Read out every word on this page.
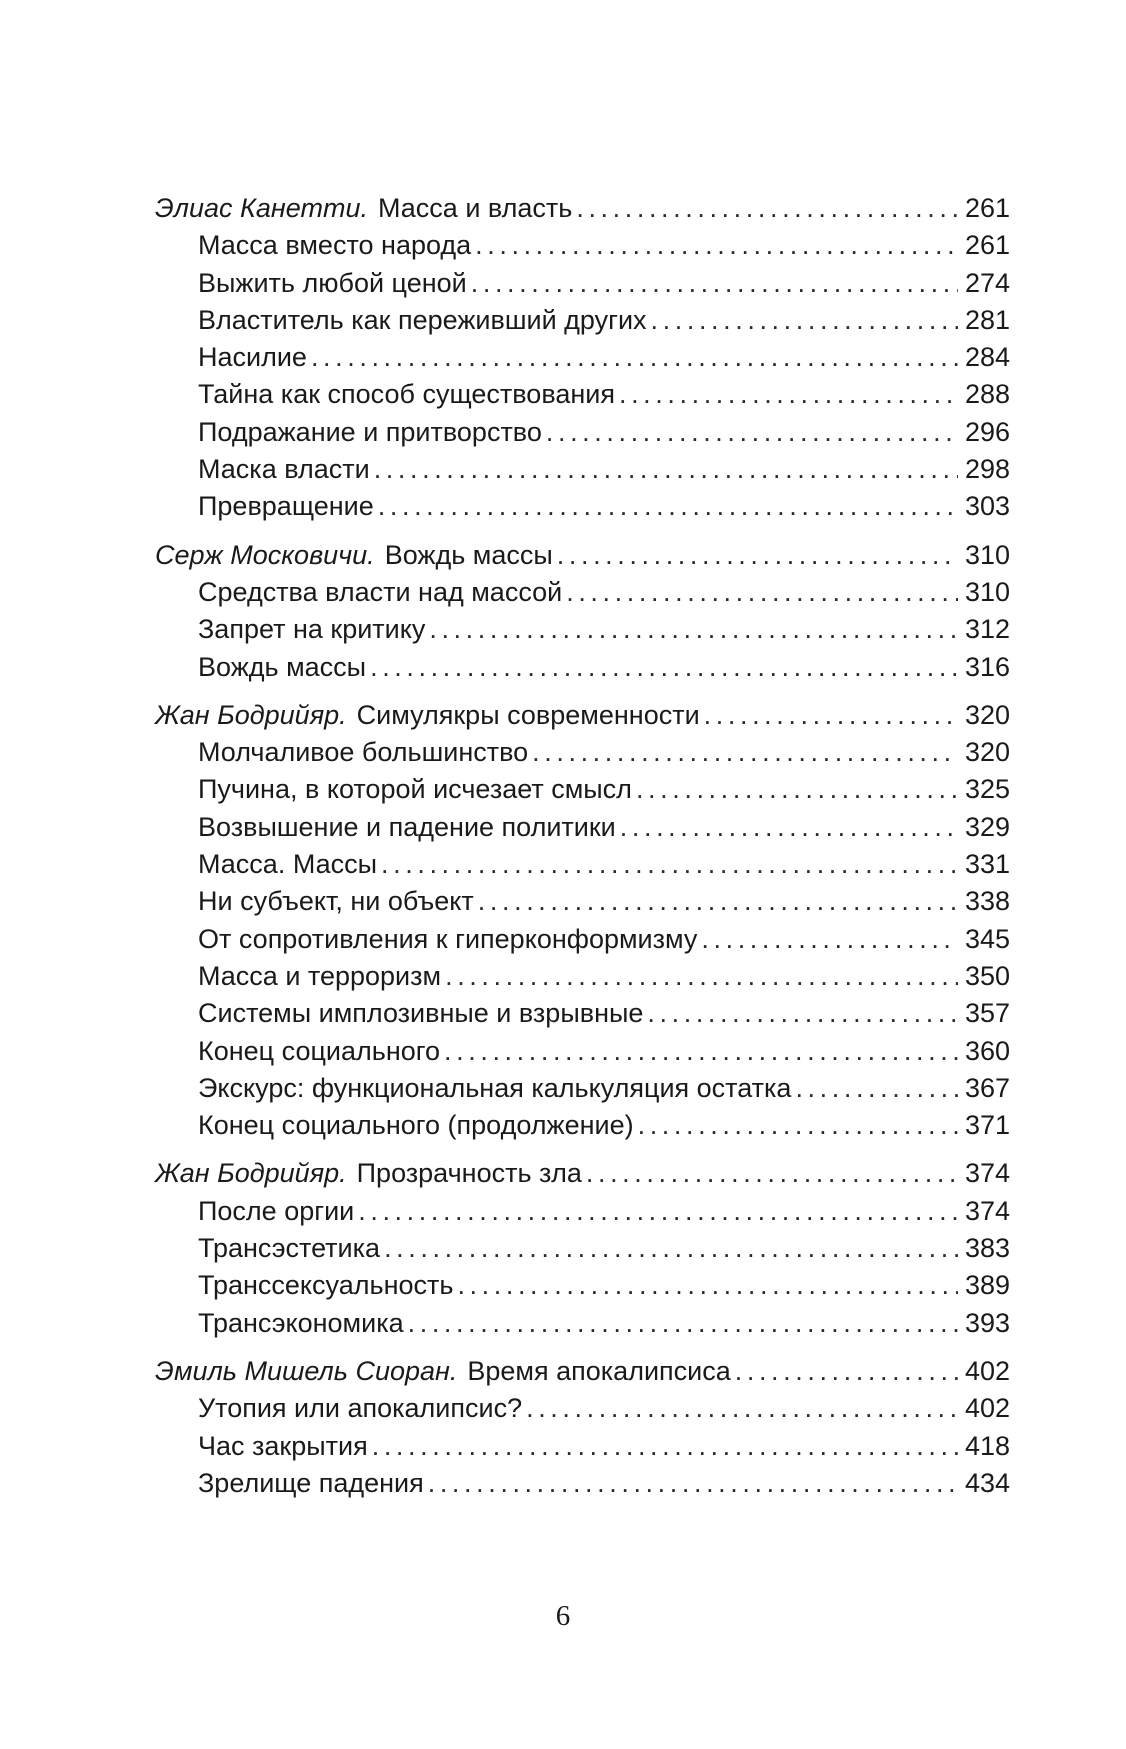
Элиас Канетти. Масса и власть .....	261
Масса вместо народа .....	261
Выжить любой ценой .....	274
Властитель как переживший других .....	281
Насилие .....	284
Тайна как способ существования .....	288
Подражание и притворство .....	296
Маска власти .....	298
Превращение .....	303
Серж Московичи. Вождь массы .....	310
Средства власти над массой .....	310
Запрет на критику .....	312
Вождь массы .....	316
Жан Бодрийяр. Симулякры современности .....	320
Молчаливое большинство .....	320
Пучина, в которой исчезает смысл .....	325
Возвышение и падение политики .....	329
Масса. Массы .....	331
Ни субъект, ни объект .....	338
От сопротивления к гиперконформизму .....	345
Масса и терроризм .....	350
Системы имплозивные и взрывные .....	357
Конец социального .....	360
Экскурс: функциональная калькуляция остатка .....	367
Конец социального (продолжение) .....	371
Жан Бодрийяр. Прозрачность зла .....	374
После оргии .....	374
Трансэстетика .....	383
Транссексуальность .....	389
Трансэкономика .....	393
Эмиль Мишель Сиоран. Время апокалипсиса .....	402
Утопия или апокалипсис? .....	402
Час закрытия .....	418
Зрелище падения .....	434
6
